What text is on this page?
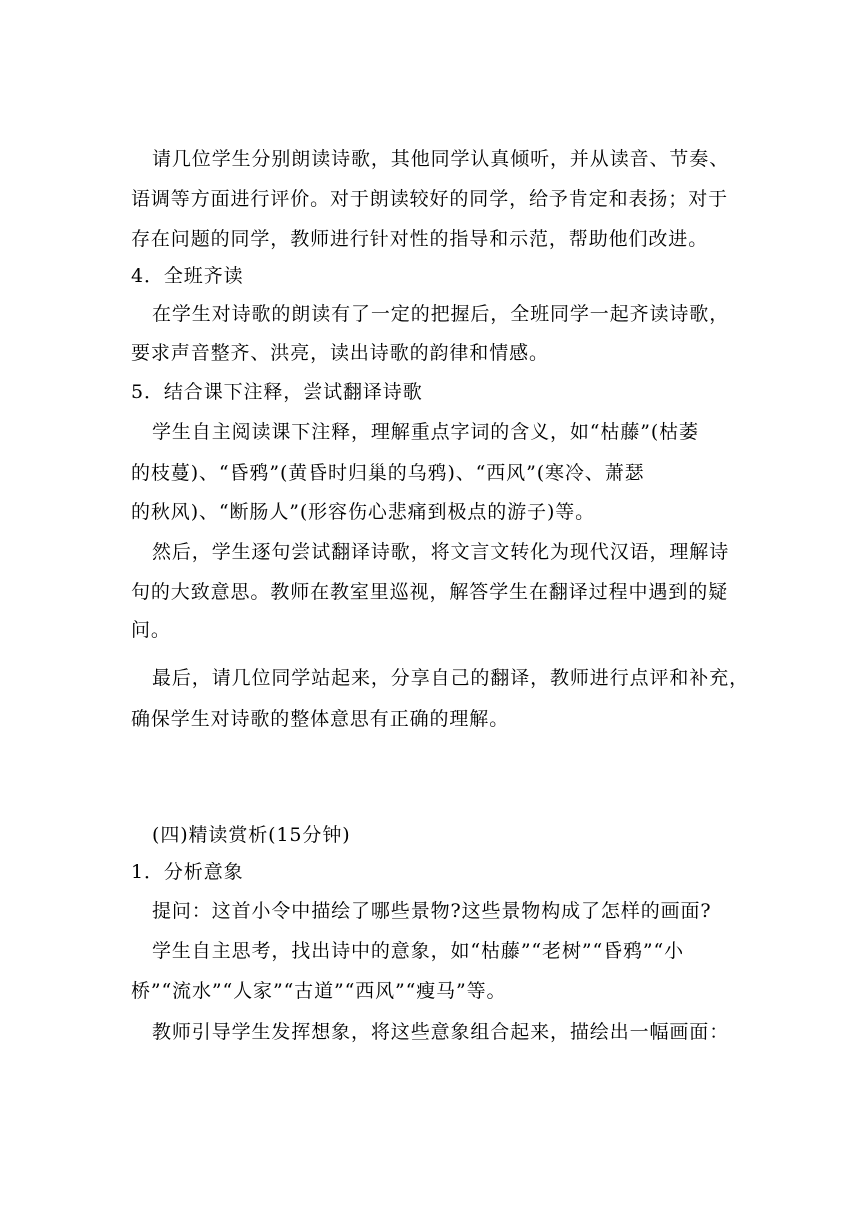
请几位学生分别朗读诗歌，其他同学认真倾听，并从读音、节奏、
语调等方面进行评价。对于朗读较好的同学，给予肯定和表扬；对于
存在问题的同学，教师进行针对性的指导和示范，帮助他们改进。
4．全班齐读
在学生对诗歌的朗读有了一定的把握后，全班同学一起齐读诗歌，
要求声音整齐、洪亮，读出诗歌的韵律和情感。
5．结合课下注释，尝试翻译诗歌
学生自主阅读课下注释，理解重点字词的含义，如“枯藤”(枯萎
的枝蔓)、“昏鸦”(黄昏时归巢的乌鸦)、“西风”(寒冷、萧瑟
的秋风)、“断肠人”(形容伤心悲痛到极点的游子)等。
然后，学生逐句尝试翻译诗歌，将文言文转化为现代汉语，理解诗
句的大致意思。教师在教室里巡视，解答学生在翻译过程中遇到的疑
问。
最后，请几位同学站起来，分享自己的翻译，教师进行点评和补充，
确保学生对诗歌的整体意思有正确的理解。
(四)精读赏析(15分钟)
1．分析意象
提问：这首小令中描绘了哪些景物?这些景物构成了怎样的画面?
学生自主思考，找出诗中的意象，如“枯藤”“老树”“昏鸦”“小
桥”“流水”“人家”“古道”“西风”“瘦马”等。
教师引导学生发挥想象，将这些意象组合起来，描绘出一幅画面：
